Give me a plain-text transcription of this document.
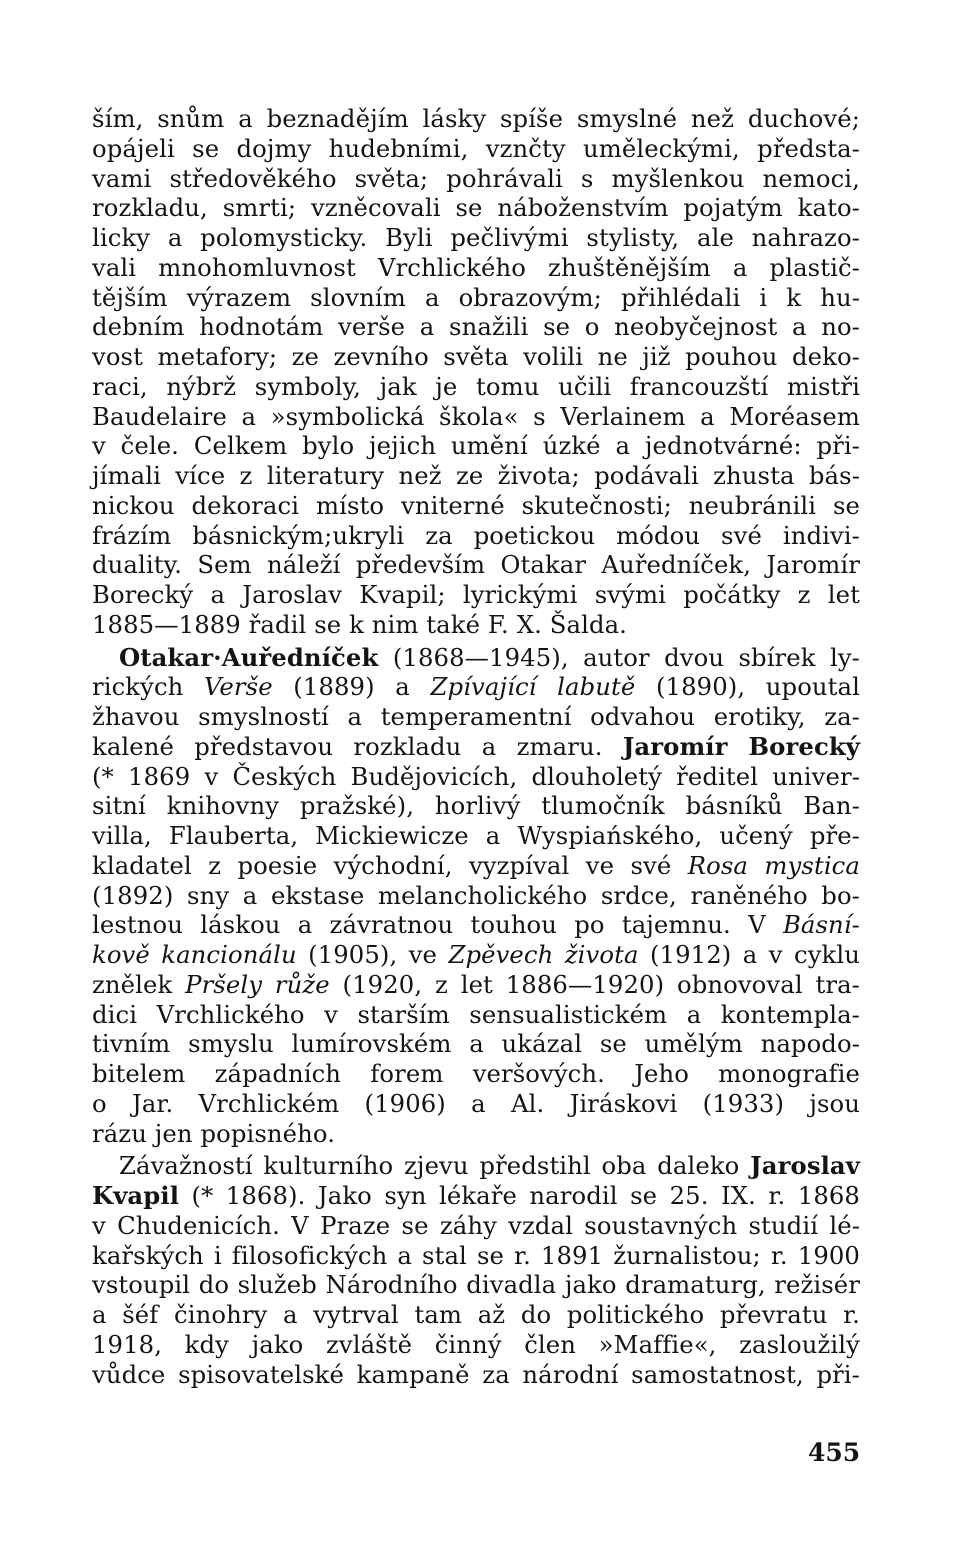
ším, snům a beznadějím lásky spíše smyslné než duchové;
opájeli se dojmy hudebními, vznčty uměleckými, předsta-
vami středověkého světa; pohrávali s myšlenkou nemoci,
rozkladu, smrti; vzněcovali se náboženstvím pojatým kato-
licky a polomysticky. Byli pečlivými stylisty, ale nahrazo-
vali mnohomluvnost Vrchlického zhuštěnějším a plastič-
tějším výrazem slovním a obrazovým; přihlédali i k hu-
debním hodnotám verše a snažili se o neobyčejnost a no-
vost metafory; ze zevního světa volili ne již pouhou deko-
raci, nýbrž symboly, jak je tomu učili francouzští mistři
Baudelaire a »symbolická škola« s Verlainem a Moréasem
v čele. Celkem bylo jejich umění úzké a jednotvárné: při-
jímali více z literatury než ze života; podávali zhusta bás-
nickou dekoraci místo vniterné skutečnosti; neubránili se
frázím básnickým;ukryli za poetickou módou své indivi-
duality. Sem náleží především Otakar Auředníček, Jaromír
Borecký a Jaroslav Kvapil; lyrickými svými počátky z let
1885—1889 řadil se k nim také F. X. Šalda.
Otakar·Auředníček (1868—1945), autor dvou sbírek ly-
rických Verše (1889) a Zpívající labutě (1890), upoutal
žhavou smyslností a temperamentní odvahou erotiky, za-
kalené představou rozkladu a zmaru. Jaromír Borecký
(* 1869 v Českých Budějovicích, dlouholetý ředitel univer-
sitní knihovny pražské), horlivý tlumočník básníků Ban-
villa, Flauberta, Mickiewicze a Wyspiańského, učený pře-
kladatel z poesie východní, vyzpíval ve své Rosa mystica
(1892) sny a ekstase melancholického srdce, raněného bo-
lestnou láskou a závratnou touhou po tajemnu. V Básní-
kově kancionálu (1905), ve Zpěvech života (1912) a v cyklu
znělek Pršely růže (1920, z let 1886—1920) obnovoval tra-
dici Vrchlického v starším sensualistickém a kontempla-
tivním smyslu lumírovském a ukázal se umělým napodo-
bitelem západních forem veršových. Jeho monografie
o Jar. Vrchlickém (1906) a Al. Jiráskovi (1933) jsou
rázu jen popisného.
Závažností kulturního zjevu předstihl oba daleko Jaroslav
Kvapil (* 1868). Jako syn lékaře narodil se 25. IX. r. 1868
v Chudenicích. V Praze se záhy vzdal soustavných studií lé-
kařských i filosofických a stal se r. 1891 žurnalistou; r. 1900
vstoupil do služeb Národního divadla jako dramaturg, režisér
a šéf činohry a vytrval tam až do politického převratu r.
1918, kdy jako zvláště činný člen »Maffie«, zasloužilý
vůdce spisovatelské kampaně za národní samostatnost, při-
455
